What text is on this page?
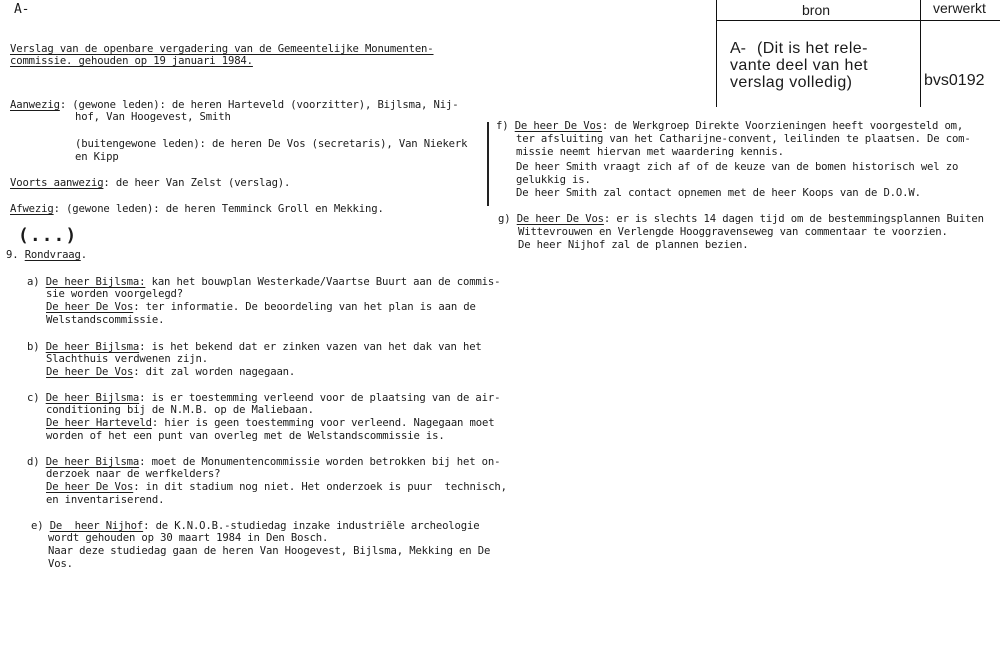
A-	bron	verwerkt
A- (Dit is het rele-
vante deel van het
verslag volledig)	bvs0192
Verslag van de openbare vergadering van de Gemeentelijke Monumenten-
commissie. gehouden op 19 januari 1984.
Aanwezig: (gewone leden): de heren Harteveld (voorzitter), Bijlsma, Nij-
hof, Van Hoogevest, Smith
(buitengewone leden): de heren De Vos (secretaris), Van Niekerk
en Kipp
Voorts aanwezig: de heer Van Zelst (verslag).
Afwezig: (gewone leden): de heren Temminck Groll en Mekking.
(...)
9. Rondvraag.
a) De heer Bijlsma: kan het bouwplan Westerkade/Vaartse Buurt aan de commis-
sie worden voorgelegd?
De heer De Vos: ter informatie. De beoordeling van het plan is aan de
Welstandscommissie.
b) De heer Bijlsma: is het bekend dat er zinken vazen van het dak van het
Slachthuis verdwenen zijn.
De heer De Vos: dit zal worden nagegaan.
c) De heer Bijlsma: is er toestemming verleend voor de plaatsing van de air-
conditioning bij de N.M.B. op de Maliebaan.
De heer Harteveld: hier is geen toestemming voor verleend. Nagegaan moet
worden of het een punt van overleg met de Welstandscommissie is.
d) De heer Bijlsma: moet de Monumentencommissie worden betrokken bij het on-
derzoek naar de werfkelders?
De heer De Vos: in dit stadium nog niet. Het onderzoek is puur  technisch,
en inventariserend.
e) De  heer Nijhof: de K.N.O.B.-studiedag inzake industriële archeologie
wordt gehouden op 30 maart 1984 in Den Bosch.
Naar deze studiedag gaan de heren Van Hoogevest, Bijlsma, Mekking en De
Vos.
f) De heer De Vos: de Werkgroep Direkte Voorzieningen heeft voorgesteld om,
ter afsluiting van het Catharijne-convent, leilinden te plaatsen. De com-
missie neemt hiervan met waardering kennis.
De heer Smith vraagt zich af of de keuze van de bomen historisch wel zo
gelukkig is.
De heer Smith zal contact opnemen met de heer Koops van de D.O.W.
g) De heer De Vos: er is slechts 14 dagen tijd om de bestemmingsplannen Buiten
Wittevrouwen en Verlengde Hooggravenseweg van commentaar te voorzien.
De heer Nijhof zal de plannen bezien.
